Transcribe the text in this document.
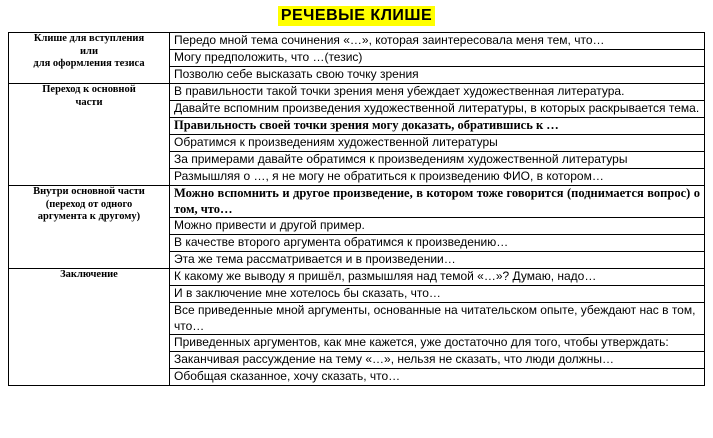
РЕЧЕВЫЕ КЛИШЕ
Клише для вступления
или
для оформления тезиса	Передо мной тема сочинения «…», которая заинтересовала меня тем, что…
	Могу предположить, что …(тезис)
	Позволю себе высказать свою точку зрения

Переход к основной
части	В правильности такой точки зрения меня убеждает художественная литература.
	Давайте вспомним произведения художественной литературы, в которых раскрывается тема.
	Правильность своей точки зрения могу доказать, обратившись к …
	Обратимся к произведениям художественной литературы
	За примерами давайте обратимся к произведениям художественной литературы
	Размышляя о …, я не могу не обратиться к произведению ФИО, в котором…

Внутри основной части
(переход от одного
аргумента к другому)	Можно вспомнить и другое произведение, в котором тоже говорится (поднимается вопрос) о том, что…
	Можно привести и другой пример.
	В качестве второго аргумента обратимся к произведению…
	Эта же тема рассматривается и в произведении…

Заключение	К какому же выводу я пришёл, размышляя над темой «…»? Думаю, надо…
	И в заключение мне хотелось бы сказать, что…
	Все приведенные мной аргументы, основанные на читательском опыте, убеждают нас в том, что…
	Приведенных аргументов, как мне кажется, уже достаточно для того, чтобы утверждать:
	Заканчивая рассуждение на тему «…», нельзя не сказать, что люди должны…
	Обобщая сказанное, хочу сказать, что…
